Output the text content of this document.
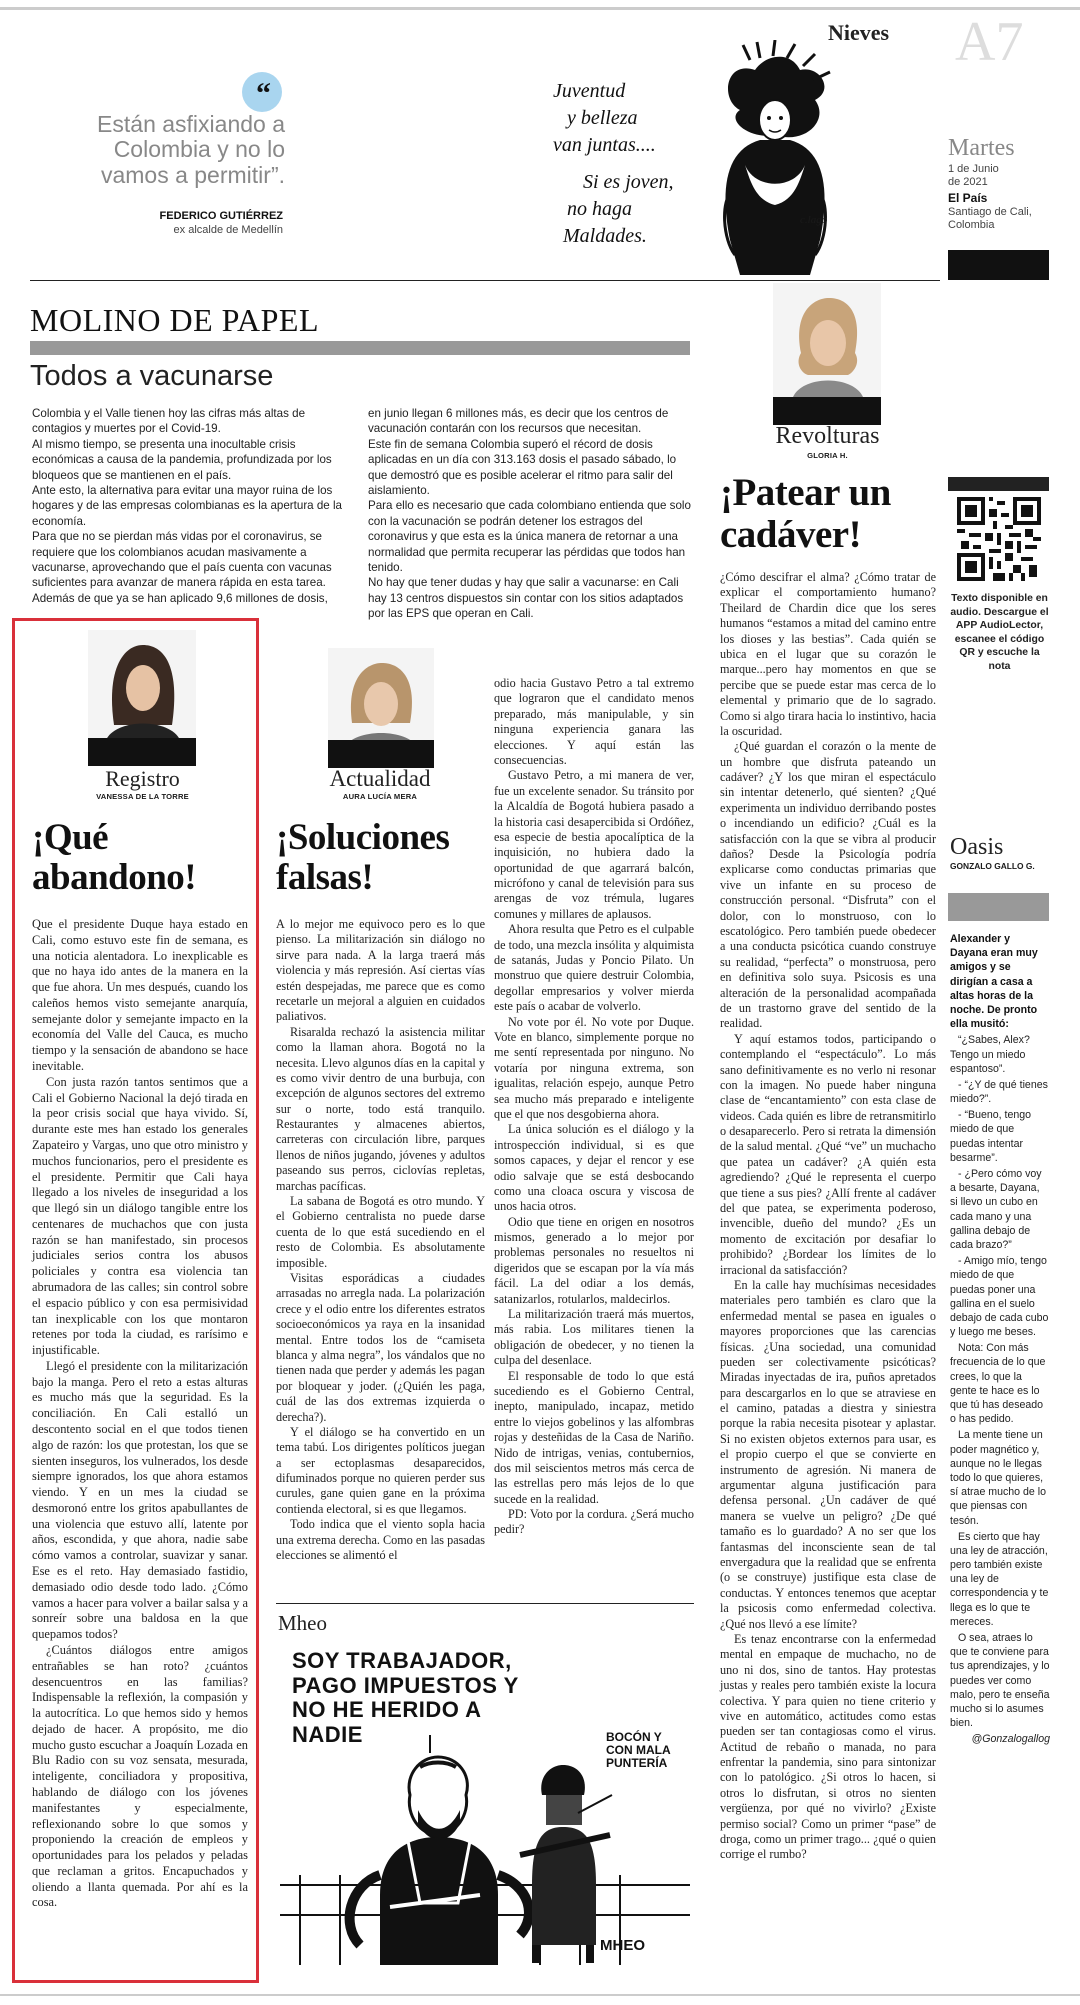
“
Están asfixiando a Colombia y no lo vamos a permitir”.
FEDERICO GUTIÉRREZ
ex alcalde de Medellín
Nieves
Juventud
y belleza
van juntas....
Si es joven,
no haga
Maldades.
c.lago
A7
Martes
1 de Junio
de 2021
El País
Santiago de Cali,
Colombia
MOLINO DE PAPEL
Todos a vacunarse
Colombia y el Valle tienen hoy las cifras más altas de contagios y muertes por el Covid-19.
Al mismo tiempo, se presenta una inocultable crisis económicas a causa de la pandemia, profundizada por los bloqueos que se mantienen en el país.
Ante esto, la alternativa para evitar una mayor ruina de los hogares y de las empresas colombianas es la apertura de la economía.
Para que no se pierdan más vidas por el coronavirus, se requiere que los colombianos acudan masivamente a vacunarse, aprovechando que el país cuenta con vacunas suficientes para avanzar de manera rápida en esta tarea.
Además de que ya se han aplicado 9,6 millones de dosis,
en junio llegan 6 millones más, es decir que los centros de vacunación contarán con los recursos que necesitan.
Este fin de semana Colombia superó el récord de dosis aplicadas en un día con 313.163 dosis el pasado sábado, lo que demostró que es posible acelerar el ritmo para salir del aislamiento.
Para ello es necesario que cada colombiano entienda que solo con la vacunación se podrán detener los estragos del coronavirus y que esta es la única manera de retornar a una normalidad que permita recuperar las pérdidas que todos han tenido.
No hay que tener dudas y hay que salir a vacunarse: en Cali hay 13 centros dispuestos sin contar con los sitios adaptados por las EPS que operan en Cali.
Revolturas
GLORIA H.
¡Patear un cadáver!

¿Cómo descifrar el alma? ¿Cómo tratar de explicar el comportamiento humano? Theilard de Chardin dice que los seres humanos “estamos a mitad del camino entre los dioses y las bestias”. Cada quién se ubica en el lugar que su corazón le marque...pero hay momentos en que se percibe que se puede estar mas cerca de lo elemental y primario que de lo sagrado. Como si algo tirara hacia lo instintivo, hacia la oscuridad.

¿Qué guardan el corazón o la mente de un hombre que disfruta pateando un cadáver? ¿Y los que miran el espectáculo sin intentar detenerlo, qué sienten? ¿Qué experimenta un individuo derribando postes o incendiando un edificio? ¿Cuál es la satisfacción con la que se vibra al producir daños? Desde la Psicología podría explicarse como conductas primarias que vive un infante en su proceso de construcción personal. “Disfruta” con el dolor, con lo monstruoso, con lo escatológico. Pero también puede obedecer a una conducta psicótica cuando construye su realidad, “perfecta” o monstruosa, pero en definitiva solo suya. Psicosis es una alteración de la personalidad acompañada de un trastorno grave del sentido de la realidad.

Y aquí estamos todos, participando o contemplando el “espectáculo”. Lo más sano definitivamente es no verlo ni resonar con la imagen. No puede haber ninguna clase de “encantamiento” con esta clase de videos. Cada quién es libre de retransmitirlo o desaparecerlo. Pero si retrata la dimensión de la salud mental. ¿Qué “ve” un muchacho que patea un cadáver? ¿A quién esta agrediendo? ¿Qué le representa el cuerpo que tiene a sus pies? ¿Allí frente al cadáver del que patea, se experimenta poderoso, invencible, dueño del mundo? ¿Es un momento de excitación por desafiar lo prohibido? ¿Bordear los límites de lo irracional da satisfacción?

En la calle hay muchísimas necesidades materiales pero también es claro que la enfermedad mental se pasea en iguales o mayores proporciones que las carencias físicas. ¿Una sociedad, una comunidad pueden ser colectivamente psicóticas? Miradas inyectadas de ira, puños apretados para descargarlos en lo que se atraviese en el camino, patadas a diestra y siniestra porque la rabia necesita pisotear y aplastar. Si no existen objetos externos para usar, es el propio cuerpo el que se convierte en instrumento de agresión. Ni manera de argumentar alguna justificación para defensa personal. ¿Un cadáver de qué manera se vuelve un peligro? ¿De qué tamaño es lo guardado? A no ser que los fantasmas del inconsciente sean de tal envergadura que la realidad que se enfrenta (o se construye) justifique esta clase de conductas. Y entonces tenemos que aceptar la psicosis como enfermedad colectiva. ¿Qué nos llevó a ese límite?

Es tenaz encontrarse con la enfermedad mental en empaque de muchacho, no de uno ni dos, sino de tantos. Hay protestas justas y reales pero también existe la locura colectiva. Y para quien no tiene criterio y vive en automático, actitudes como estas pueden ser tan contagiosas como el virus. Actitud de rebaño o manada, no para enfrentar la pandemia, sino para sintonizar con lo patológico. ¿Si otros lo hacen, si otros lo disfrutan, si otros no sienten vergüenza, por qué no vivirlo? ¿Existe permiso social? Como un primer “pase” de droga, como un primer trago... ¿qué o quien corrige el rumbo?

Texto disponible en audio. Descargue el APP AudioLector, escanee el código QR y escuche la nota
Oasis
GONZALO GALLO G.

Alexander y Dayana eran muy amigos y se dirigían a casa a altas horas de la noche. De pronto ella musitó:

“¿Sabes, Alex? Tengo un miedo espantoso”.

- “¿Y de qué tienes miedo?”.

- “Bueno, tengo miedo de que puedas intentar besarme”.

- ¿Pero cómo voy a besarte, Dayana, si llevo un cubo en cada mano y una gallina debajo de cada brazo?”

- Amigo mío, tengo miedo de que puedas poner una gallina en el suelo debajo de cada cubo y luego me beses.

Nota: Con más frecuencia de lo que crees, lo que la gente te hace es lo que tú has deseado o has pedido.

La mente tiene un poder magnético y, aunque no le llegas todo lo que quieres, sí atrae mucho de lo que piensas con tesón.

Es cierto que hay una ley de atracción, pero también existe una ley de correspondencia y te llega es lo que te mereces.

O sea, atraes lo que te conviene para tus aprendizajes, y lo puedes ver como malo, pero te enseña mucho si lo asumes bien.

@Gonzalogallog

Registro
VANESSA DE LA TORRE
¡Qué abandono!

Que el presidente Duque haya estado en Cali, como estuvo este fin de semana, es una noticia alentadora. Lo inexplicable es que no haya ido antes de la manera en la que fue ahora. Un mes después, cuando los caleños hemos visto semejante anarquía, semejante dolor y semejante impacto en la economía del Valle del Cauca, es mucho tiempo y la sensación de abandono se hace inevitable.

Con justa razón tantos sentimos que a Cali el Gobierno Nacional la dejó tirada en la peor crisis social que haya vivido. Sí, durante este mes han estado los generales Zapateiro y Vargas, uno que otro ministro y muchos funcionarios, pero el presidente es el presidente. Permitir que Cali haya llegado a los niveles de inseguridad a los que llegó sin un diálogo tangible entre los centenares de muchachos que con justa razón se han manifestado, sin procesos judiciales serios contra los abusos policiales y contra esa violencia tan abrumadora de las calles; sin control sobre el espacio público y con esa permisividad tan inexplicable con los que montaron retenes por toda la ciudad, es rarísimo e injustificable.

Llegó el presidente con la militarización bajo la manga. Pero el reto a estas alturas es mucho más que la seguridad. Es la conciliación. En Cali estalló un descontento social en el que todos tienen algo de razón: los que protestan, los que se sienten inseguros, los vulnerados, los desde siempre ignorados, los que ahora estamos viendo. Y en un mes la ciudad se desmoronó entre los gritos apabullantes de una violencia que estuvo allí, latente por años, escondida, y que ahora, nadie sabe cómo vamos a controlar, suavizar y sanar. Ese es el reto. Hay demasiado fastidio, demasiado odio desde todo lado. ¿Cómo vamos a hacer para volver a bailar salsa y a sonreír sobre una baldosa en la que quepamos todos?

¿Cuántos diálogos entre amigos entrañables se han roto? ¿cuántos desencuentros en las familias? Indispensable la reflexión, la compasión y la autocrítica. Lo que hemos sido y hemos dejado de hacer. A propósito, me dio mucho gusto escuchar a Joaquín Lozada en Blu Radio con su voz sensata, mesurada, inteligente, conciliadora y propositiva, hablando de diálogo con los jóvenes manifestantes y especialmente, reflexionando sobre lo que somos y proponiendo la creación de empleos y oportunidades para los pelados y peladas que reclaman a gritos. Encapuchados y oliendo a llanta quemada. Por ahí es la cosa.

Actualidad
AURA LUCÍA MERA
¡Soluciones falsas!

A lo mejor me equivoco pero es lo que pienso. La militarización sin diálogo no sirve para nada. A la larga traerá más violencia y más represión. Así ciertas vías estén despejadas, me parece que es como recetarle un mejoral a alguien en cuidados paliativos.

Risaralda rechazó la asistencia militar como la llaman ahora. Bogotá no la necesita. Llevo algunos días en la capital y es como vivir dentro de una burbuja, con excepción de algunos sectores del extremo sur o norte, todo está tranquilo. Restaurantes y almacenes abiertos, carreteras con circulación libre, parques llenos de niños jugando, jóvenes y adultos paseando sus perros, ciclovías repletas, marchas pacíficas.

La sabana de Bogotá es otro mundo. Y el Gobierno centralista no puede darse cuenta de lo que está sucediendo en el resto de Colombia. Es absolutamente imposible.

Visitas esporádicas a ciudades arrasadas no arregla nada. La polarización crece y el odio entre los diferentes estratos socioeconómicos ya raya en la insanidad mental. Entre todos los de “camiseta blanca y alma negra”, los vándalos que no tienen nada que perder y además les pagan por bloquear y joder. (¿Quién les paga, cuál de las dos extremas izquierda o derecha?).

Y el diálogo se ha convertido en un tema tabú. Los dirigentes políticos juegan a ser ectoplasmas desaparecidos, difuminados porque no quieren perder sus curules, gane quien gane en la próxima contienda electoral, si es que llegamos.

Todo indica que el viento sopla hacia una extrema derecha. Como en las pasadas elecciones se alimentó el

odio hacia Gustavo Petro a tal extremo que lograron que el candidato menos preparado, más manipulable, y sin ninguna experiencia ganara las elecciones. Y aquí están las consecuencias.

Gustavo Petro, a mi manera de ver, fue un excelente senador. Su tránsito por la Alcaldía de Bogotá hubiera pasado a la historia casi desapercibida si Ordóñez, esa especie de bestia apocalíptica de la inquisición, no hubiera dado la oportunidad de que agarrará balcón, micrófono y canal de televisión para sus arengas de voz trémula, lugares comunes y millares de aplausos.

Ahora resulta que Petro es el culpable de todo, una mezcla insólita y alquimista de satanás, Judas y Poncio Pilato. Un monstruo que quiere destruir Colombia, degollar empresarios y volver mierda este país o acabar de volverlo.

No vote por él. No vote por Duque. Vote en blanco, simplemente porque no me sentí representada por ninguno. No votaría por ninguna extrema, son igualitas, relación espejo, aunque Petro sea mucho más preparado e inteligente que el que nos desgobierna ahora.

La única solución es el diálogo y la introspección individual, si es que somos capaces, y dejar el rencor y ese odio salvaje que se está desbocando como una cloaca oscura y viscosa de unos hacia otros.

Odio que tiene en origen en nosotros mismos, generado a lo mejor por problemas personales no resueltos ni digeridos que se escapan por la vía más fácil. La del odiar a los demás, satanizarlos, rotularlos, maldecirlos.

La militarización traerá más muertos, más rabia. Los militares tienen la obligación de obedecer, y no tienen la culpa del desenlace.

El responsable de todo lo que está sucediendo es el Gobierno Central, inepto, manipulado, incapaz, metido entre lo viejos gobelinos y las alfombras rojas y desteñidas de la Casa de Nariño. Nido de intrigas, venias, contubernios, dos mil seiscientos metros más cerca de las estrellas pero más lejos de lo que sucede en la realidad.

PD: Voto por la cordura. ¿Será mucho pedir?

Mheo
SOY TRABAJADOR, PAGO IMPUESTOS Y NO HE HERIDO A NADIE	BOCÓN Y CON MALA PUNTERÍA
MHEO
